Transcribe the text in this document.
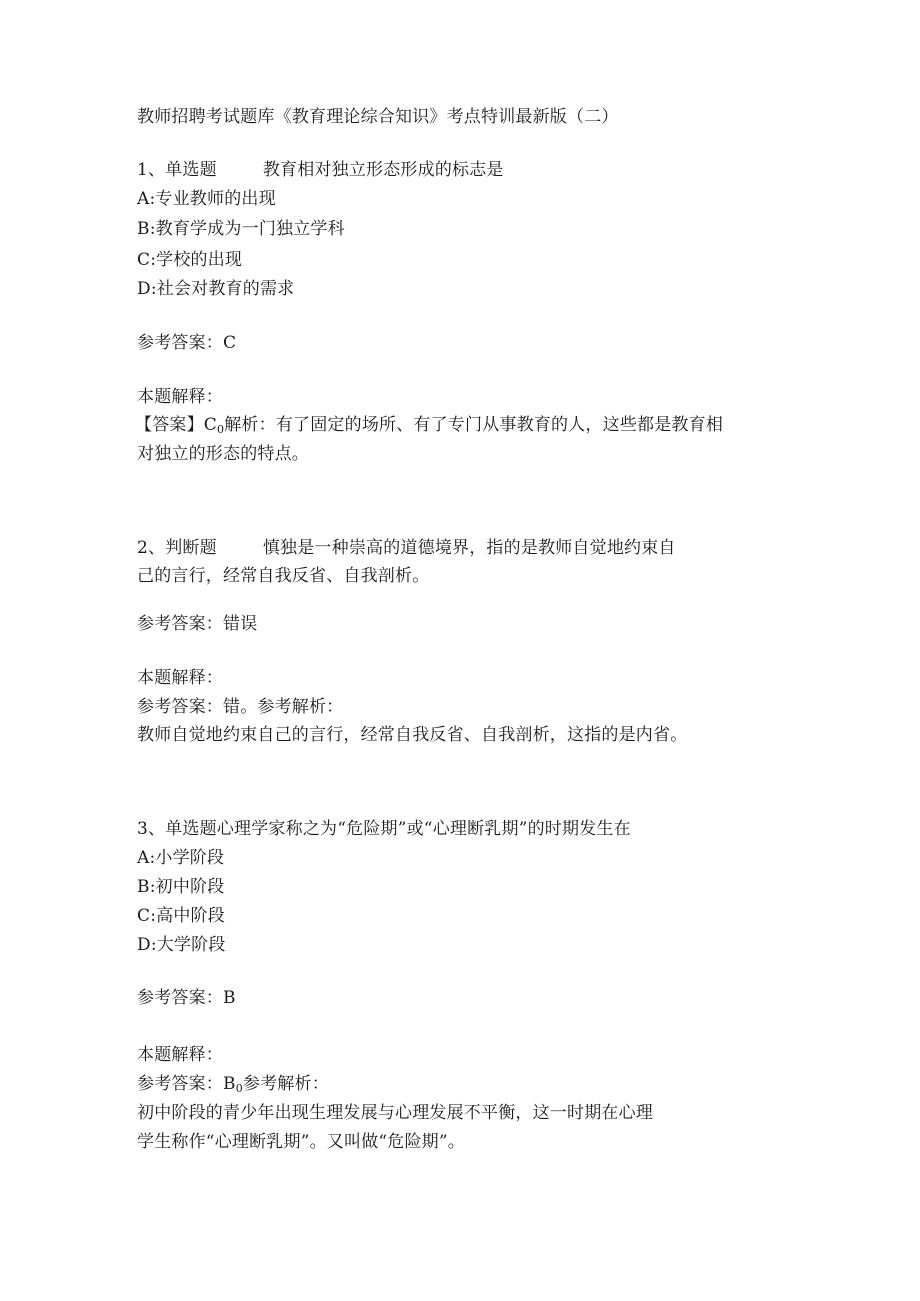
教师招聘考试题库《教育理论综合知识》考点特训最新版（二）
1、单选题	教育相对独立形态形成的标志是
A:专业教师的出现
B:教育学成为一门独立学科
C:学校的出现
D:社会对教育的需求
参考答案：C
本题解释：
【答案】$C_0$解析：有了固定的场所、有了专门从事教育的人，这些都是教育相
对独立的形态的特点。
2、判断题	慎独是一种崇高的道德境界，指的是教师自觉地约束自
己的言行，经常自我反省、自我剖析。
参考答案：错误
本题解释：
参考答案：错。参考解析：
教师自觉地约束自己的言行，经常自我反省、自我剖析，这指的是内省。
3、单选题心理学家称之为“危险期”或“心理断乳期”的时期发生在
A:小学阶段
B:初中阶段
C:高中阶段
D:大学阶段
参考答案：B
本题解释：
参考答案：$B_0$参考解析：
初中阶段的青少年出现生理发展与心理发展不平衡，这一时期在心理
学生称作“心理断乳期”。又叫做“危险期”。
